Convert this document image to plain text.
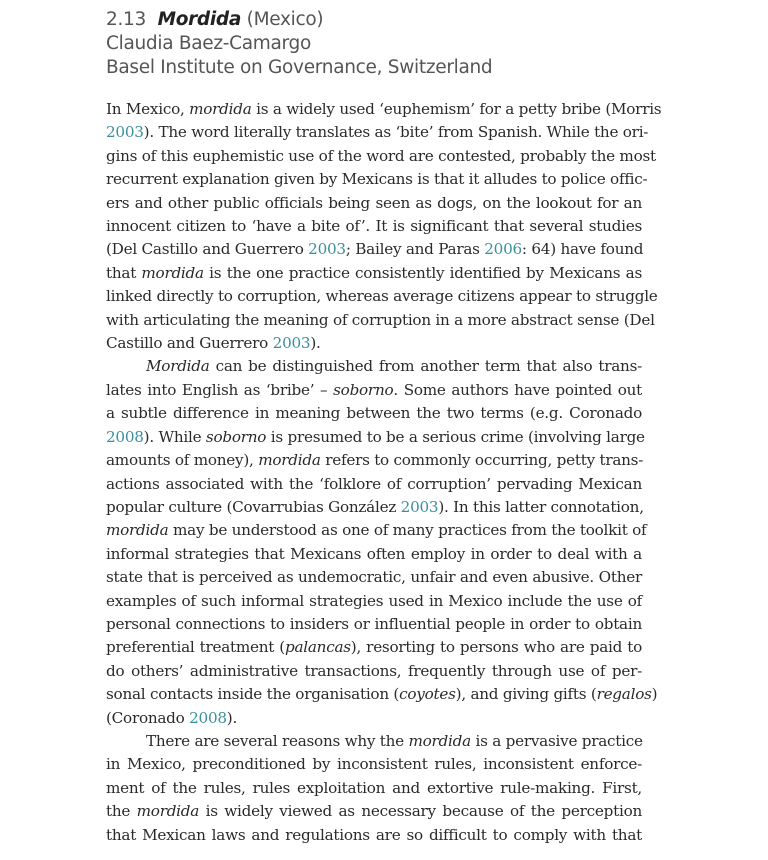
2.13 Mordida (Mexico)
Claudia Baez-Camargo
Basel Institute on Governance, Switzerland

In Mexico, mordida is a widely used ‘euphemism’ for a petty bribe (Morris
2003). The word literally translates as ‘bite’ from Spanish. While the ori-
gins of this euphemistic use of the word are contested, probably the most
recurrent explanation given by Mexicans is that it alludes to police offic-
ers and other public officials being seen as dogs, on the lookout for an
innocent citizen to ‘have a bite of’. It is significant that several studies
(Del Castillo and Guerrero 2003; Bailey and Paras 2006: 64) have found
that mordida is the one practice consistently identified by Mexicans as
linked directly to corruption, whereas average citizens appear to struggle
with articulating the meaning of corruption in a more abstract sense (Del
Castillo and Guerrero 2003).

Mordida can be distinguished from another term that also trans-
lates into English as ‘bribe’ – soborno. Some authors have pointed out
a subtle difference in meaning between the two terms (e.g. Coronado
2008). While soborno is presumed to be a serious crime (involving large
amounts of money), mordida refers to commonly occurring, petty trans-
actions associated with the ‘folklore of corruption’ pervading Mexican
popular culture (Covarrubias González 2003). In this latter connotation,
mordida may be understood as one of many practices from the toolkit of
informal strategies that Mexicans often employ in order to deal with a
state that is perceived as undemocratic, unfair and even abusive. Other
examples of such informal strategies used in Mexico include the use of
personal connections to insiders or influential people in order to obtain
preferential treatment (palancas), resorting to persons who are paid to
do others’ administrative transactions, frequently through use of per-
sonal contacts inside the organisation (coyotes), and giving gifts (regalos)
(Coronado 2008).

There are several reasons why the mordida is a pervasive practice
in Mexico, preconditioned by inconsistent rules, inconsistent enforce-
ment of the rules, rules exploitation and extortive rule-making. First,
the mordida is widely viewed as necessary because of the perception
that Mexican laws and regulations are so difficult to comply with that
